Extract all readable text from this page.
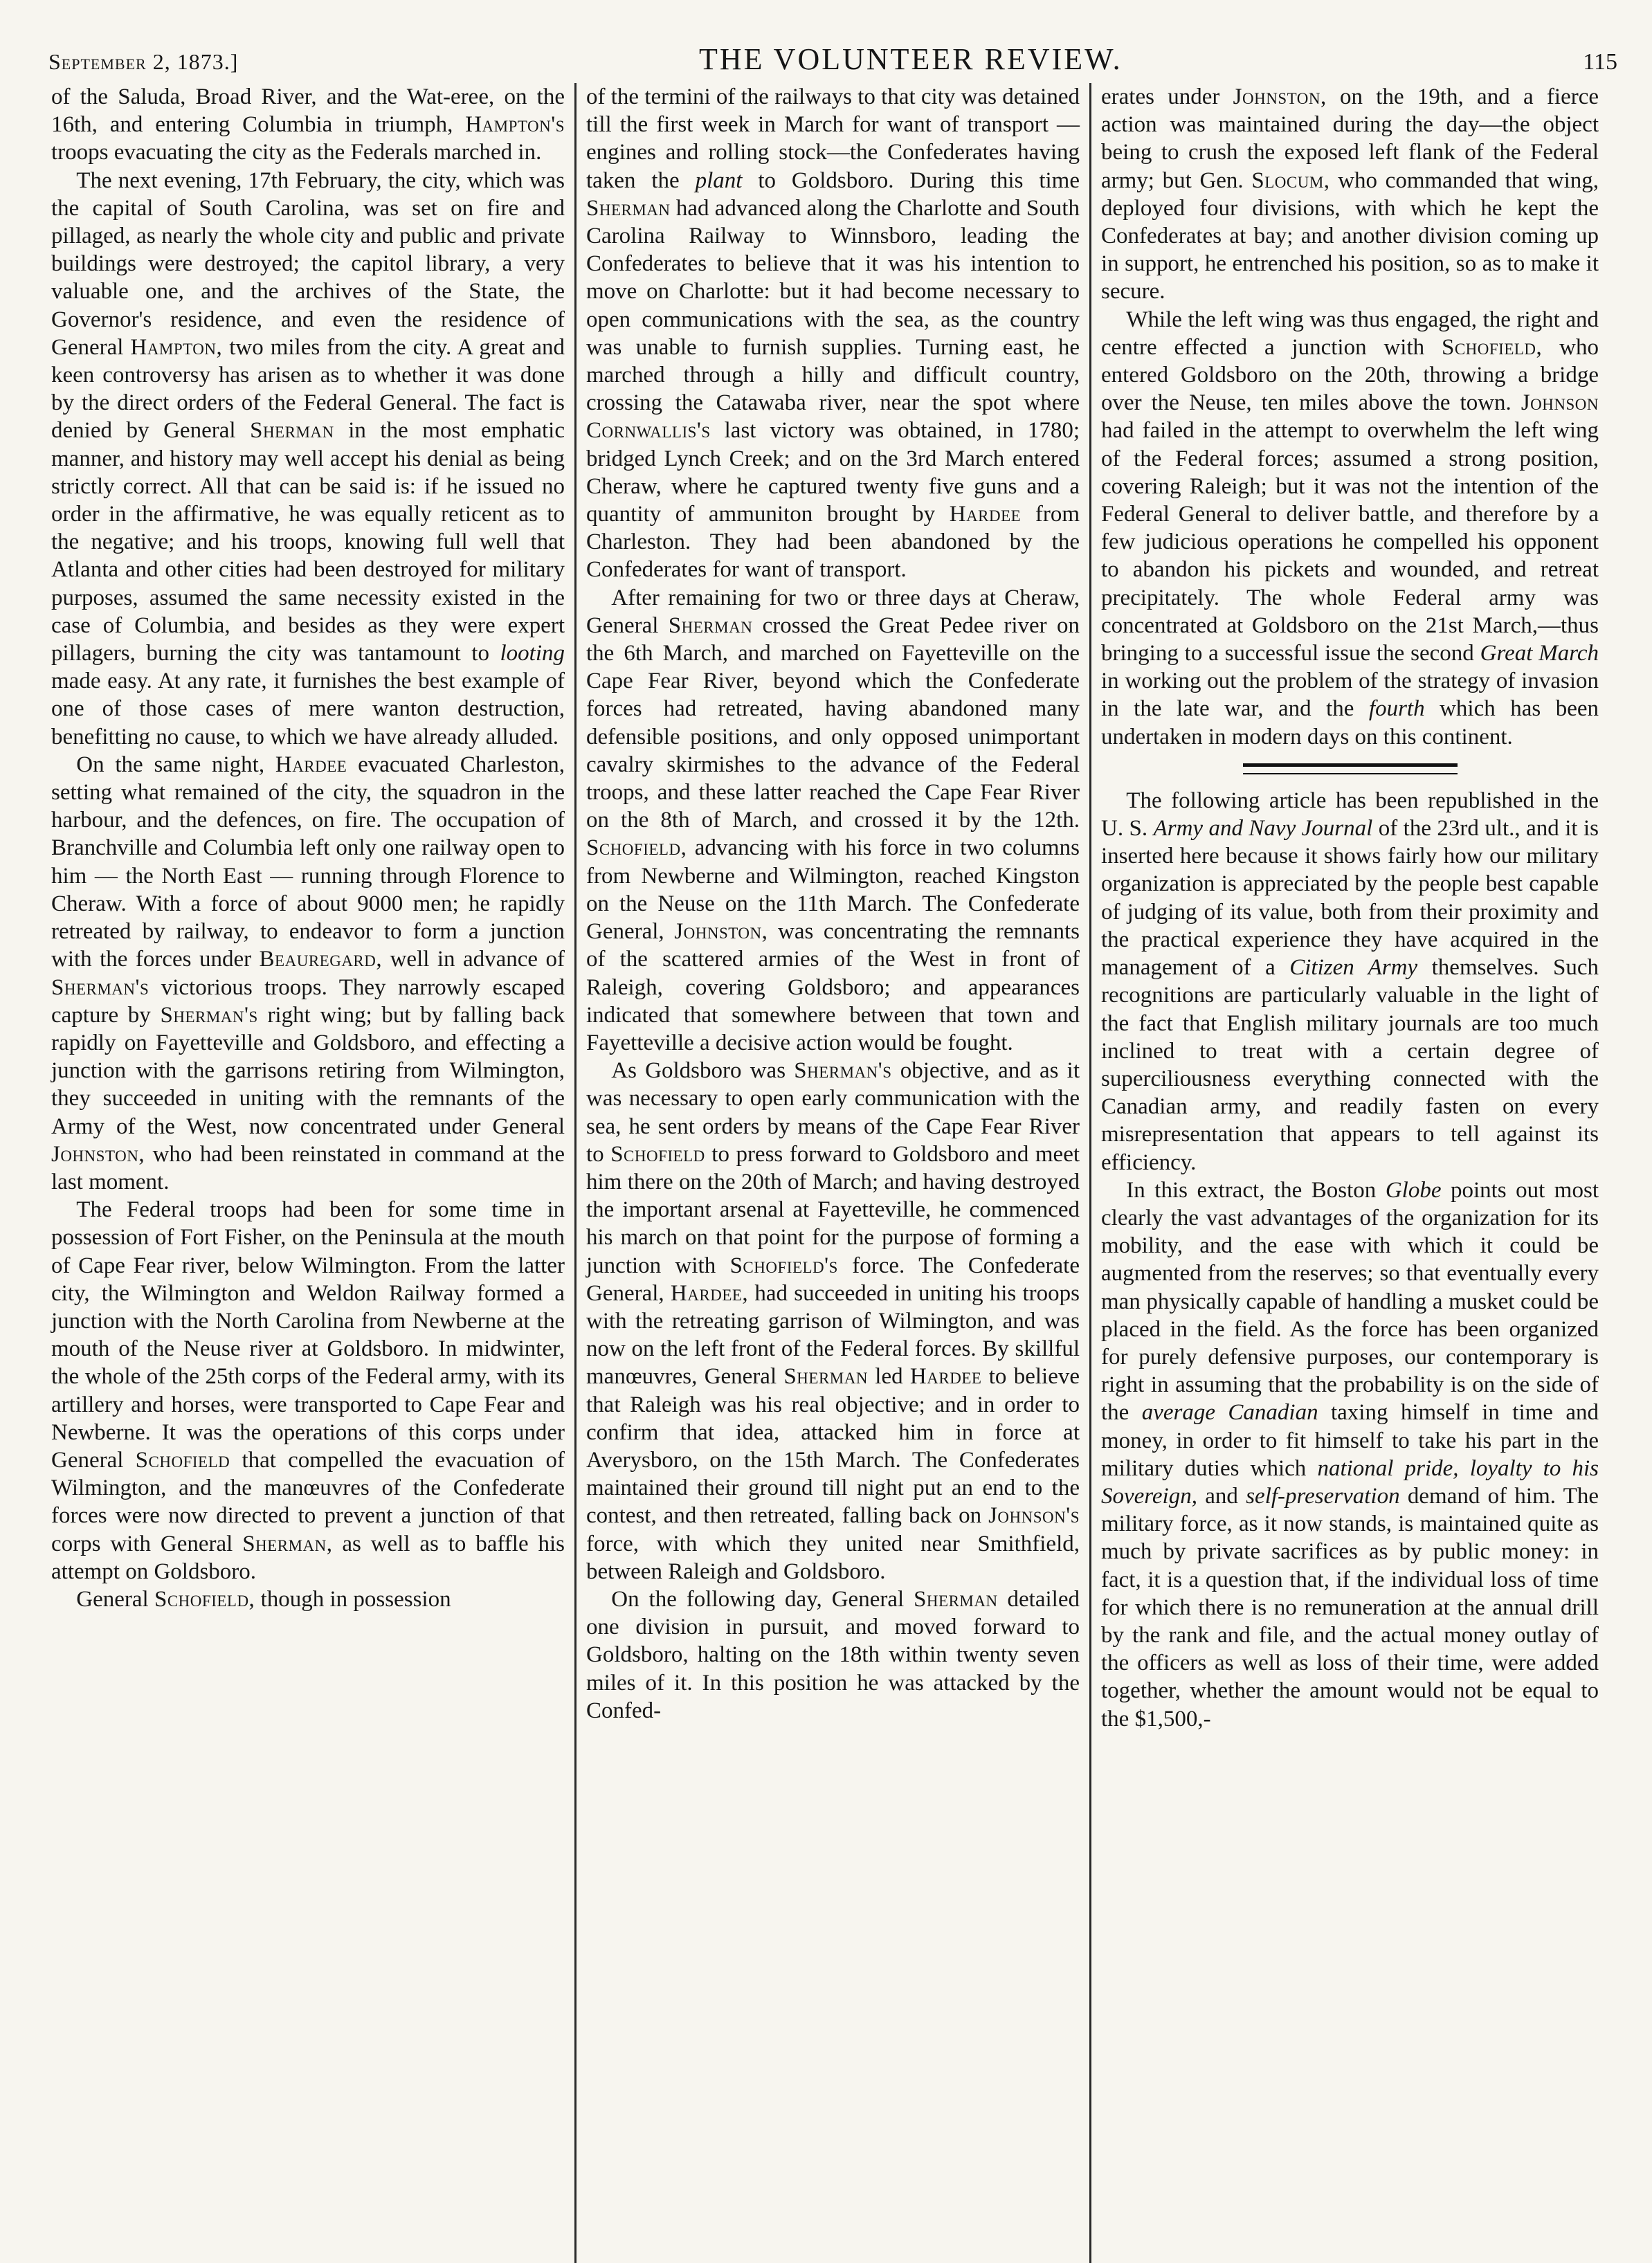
September 2, 1873.]	THE VOLUNTEER REVIEW.	115

of the Saluda, Broad River, and the Wat-eree, on the 16th, and entering Columbia in triumph, Hampton's troops evacuating the city as the Federals marched in.

The next evening, 17th February, the city, which was the capital of South Carolina, was set on fire and pillaged, as nearly the whole city and public and private buildings were destroyed; the capitol library, a very valuable one, and the archives of the State, the Governor's residence, and even the residence of General Hampton, two miles from the city. A great and keen controversy has arisen as to whether it was done by the direct orders of the Federal General. The fact is denied by General Sherman in the most emphatic manner, and history may well accept his denial as being strictly correct. All that can be said is: if he issued no order in the affirmative, he was equally reticent as to the negative; and his troops, knowing full well that Atlanta and other cities had been destroyed for military purposes, assumed the same necessity existed in the case of Columbia, and besides as they were expert pillagers, burning the city was tantamount to looting made easy. At any rate, it furnishes the best example of one of those cases of mere wanton destruction, benefitting no cause, to which we have already alluded.

On the same night, Hardee evacuated Charleston, setting what remained of the city, the squadron in the harbour, and the defences, on fire. The occupation of Branchville and Columbia left only one railway open to him — the North East — running through Florence to Cheraw. With a force of about 9000 men; he rapidly retreated by railway, to endeavor to form a junction with the forces under Beauregard, well in advance of Sherman's victorious troops. They narrowly escaped capture by Sherman's right wing; but by falling back rapidly on Fayetteville and Goldsboro, and effecting a junction with the garrisons retiring from Wilmington, they succeeded in uniting with the remnants of the Army of the West, now concentrated under General Johnston, who had been reinstated in command at the last moment.

The Federal troops had been for some time in possession of Fort Fisher, on the Peninsula at the mouth of Cape Fear river, below Wilmington. From the latter city, the Wilmington and Weldon Railway formed a junction with the North Carolina from Newberne at the mouth of the Neuse river at Goldsboro. In midwinter, the whole of the 25th corps of the Federal army, with its artillery and horses, were transported to Cape Fear and Newberne. It was the operations of this corps under General Schofield that compelled the evacuation of Wilmington, and the manœuvres of the Confederate forces were now directed to prevent a junction of that corps with General Sherman, as well as to baffle his attempt on Goldsboro.

General Schofield, though in possession

of the termini of the railways to that city was detained till the first week in March for want of transport — engines and rolling stock—the Confederates having taken the plant to Goldsboro. During this time Sherman had advanced along the Charlotte and South Carolina Railway to Winnsboro, leading the Confederates to believe that it was his intention to move on Charlotte: but it had become necessary to open communications with the sea, as the country was unable to furnish supplies. Turning east, he marched through a hilly and difficult country, crossing the Catawaba river, near the spot where Cornwallis's last victory was obtained, in 1780; bridged Lynch Creek; and on the 3rd March entered Cheraw, where he captured twenty five guns and a quantity of ammuniton brought by Hardee from Charleston. They had been abandoned by the Confederates for want of transport.

After remaining for two or three days at Cheraw, General Sherman crossed the Great Pedee river on the 6th March, and marched on Fayetteville on the Cape Fear River, beyond which the Confederate forces had retreated, having abandoned many defensible positions, and only opposed unimportant cavalry skirmishes to the advance of the Federal troops, and these latter reached the Cape Fear River on the 8th of March, and crossed it by the 12th. Schofield, advancing with his force in two columns from Newberne and Wilmington, reached Kingston on the Neuse on the 11th March. The Confederate General, Johnston, was concentrating the remnants of the scattered armies of the West in front of Raleigh, covering Goldsboro; and appearances indicated that somewhere between that town and Fayetteville a decisive action would be fought.

As Goldsboro was Sherman's objective, and as it was necessary to open early communication with the sea, he sent orders by means of the Cape Fear River to Schofield to press forward to Goldsboro and meet him there on the 20th of March; and having destroyed the important arsenal at Fayetteville, he commenced his march on that point for the purpose of forming a junction with Schofield's force. The Confederate General, Hardee, had succeeded in uniting his troops with the retreating garrison of Wilmington, and was now on the left front of the Federal forces. By skillful manœuvres, General Sherman led Hardee to believe that Raleigh was his real objective; and in order to confirm that idea, attacked him in force at Averysboro, on the 15th March. The Confederates maintained their ground till night put an end to the contest, and then retreated, falling back on Johnson's force, with which they united near Smithfield, between Raleigh and Goldsboro.

On the following day, General Sherman detailed one division in pursuit, and moved forward to Goldsboro, halting on the 18th within twenty seven miles of it. In this position he was attacked by the Confed-

erates under Johnston, on the 19th, and a fierce action was maintained during the day—the object being to crush the exposed left flank of the Federal army; but Gen. Slocum, who commanded that wing, deployed four divisions, with which he kept the Confederates at bay; and another division coming up in support, he entrenched his position, so as to make it secure.

While the left wing was thus engaged, the right and centre effected a junction with Schofield, who entered Goldsboro on the 20th, throwing a bridge over the Neuse, ten miles above the town. Johnson had failed in the attempt to overwhelm the left wing of the Federal forces; assumed a strong position, covering Raleigh; but it was not the intention of the Federal General to deliver battle, and therefore by a few judicious operations he compelled his opponent to abandon his pickets and wounded, and retreat precipitately. The whole Federal army was concentrated at Goldsboro on the 21st March,—thus bringing to a successful issue the second Great March in working out the problem of the strategy of invasion in the late war, and the fourth which has been undertaken in modern days on this continent.

The following article has been republished in the U. S. Army and Navy Journal of the 23rd ult., and it is inserted here because it shows fairly how our military organization is appreciated by the people best capable of judging of its value, both from their proximity and the practical experience they have acquired in the management of a Citizen Army themselves. Such recognitions are particularly valuable in the light of the fact that English military journals are too much inclined to treat with a certain degree of superciliousness everything connected with the Canadian army, and readily fasten on every misrepresentation that appears to tell against its efficiency.

In this extract, the Boston Globe points out most clearly the vast advantages of the organization for its mobility, and the ease with which it could be augmented from the reserves; so that eventually every man physically capable of handling a musket could be placed in the field. As the force has been organized for purely defensive purposes, our contemporary is right in assuming that the probability is on the side of the average Canadian taxing himself in time and money, in order to fit himself to take his part in the military duties which national pride, loyalty to his Sovereign, and self-preservation demand of him. The military force, as it now stands, is maintained quite as much by private sacrifices as by public money: in fact, it is a question that, if the individual loss of time for which there is no remuneration at the annual drill by the rank and file, and the actual money outlay of the officers as well as loss of their time, were added together, whether the amount would not be equal to the $1,500,-
